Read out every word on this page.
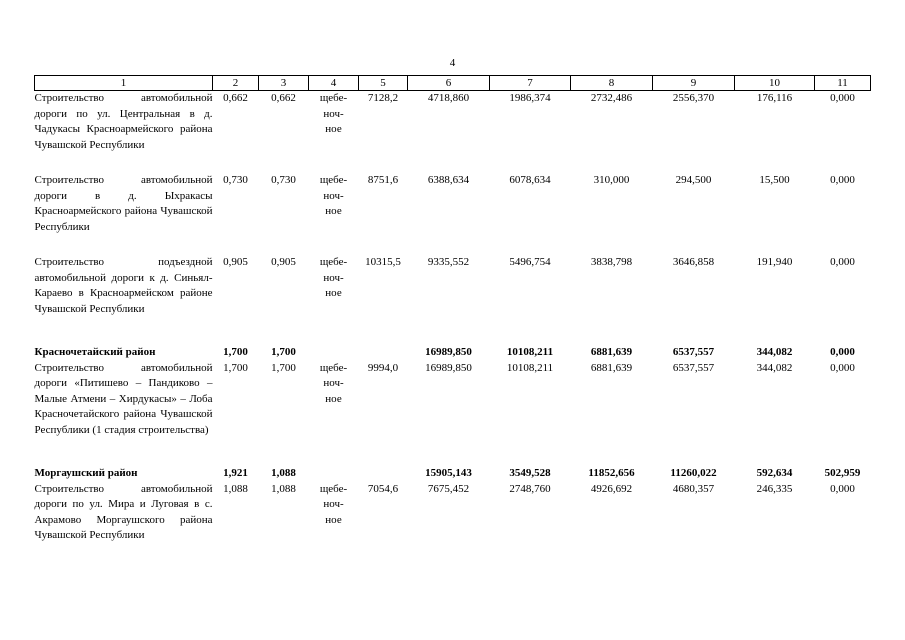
4
1	2	3	4	5	6	7	8	9	10	11
Строительство автомобильной дороги по ул. Центральная в д. Чадукасы Красноармейского района Чувашской Республики	0,662	0,662	щебе-
ноч-
ное	7128,2	4718,860	1986,374	2732,486	2556,370	176,116	0,000

Строительство автомобильной дороги в д. Ыхракасы Красноармейского района Чувашской Республики	0,730	0,730	щебе-
ноч-
ное	8751,6	6388,634	6078,634	310,000	294,500	15,500	0,000

Строительство подъездной автомобильной дороги к д. Синьял-Караево в Красноармейском районе Чувашской Республики	0,905	0,905	щебе-
ноч-
ное	10315,5	9335,552	5496,754	3838,798	3646,858	191,940	0,000

Красночетайский район	1,700	1,700			16989,850	10108,211	6881,639	6537,557	344,082	0,000
Строительство автомобильной дороги «Питишево – Пандиково – Малые Атмени – Хирдукасы» – Лоба Красночетайского района Чувашской Республики (1 стадия строительства)	1,700	1,700	щебе-
ноч-
ное	9994,0	16989,850	10108,211	6881,639	6537,557	344,082	0,000

Моргаушский район	1,921	1,088			15905,143	3549,528	11852,656	11260,022	592,634	502,959
Строительство автомобильной дороги по ул. Мира и Луговая в с. Акрамово Моргаушского района Чувашской Республики	1,088	1,088	щебе-
ноч-
ное	7054,6	7675,452	2748,760	4926,692	4680,357	246,335	0,000
